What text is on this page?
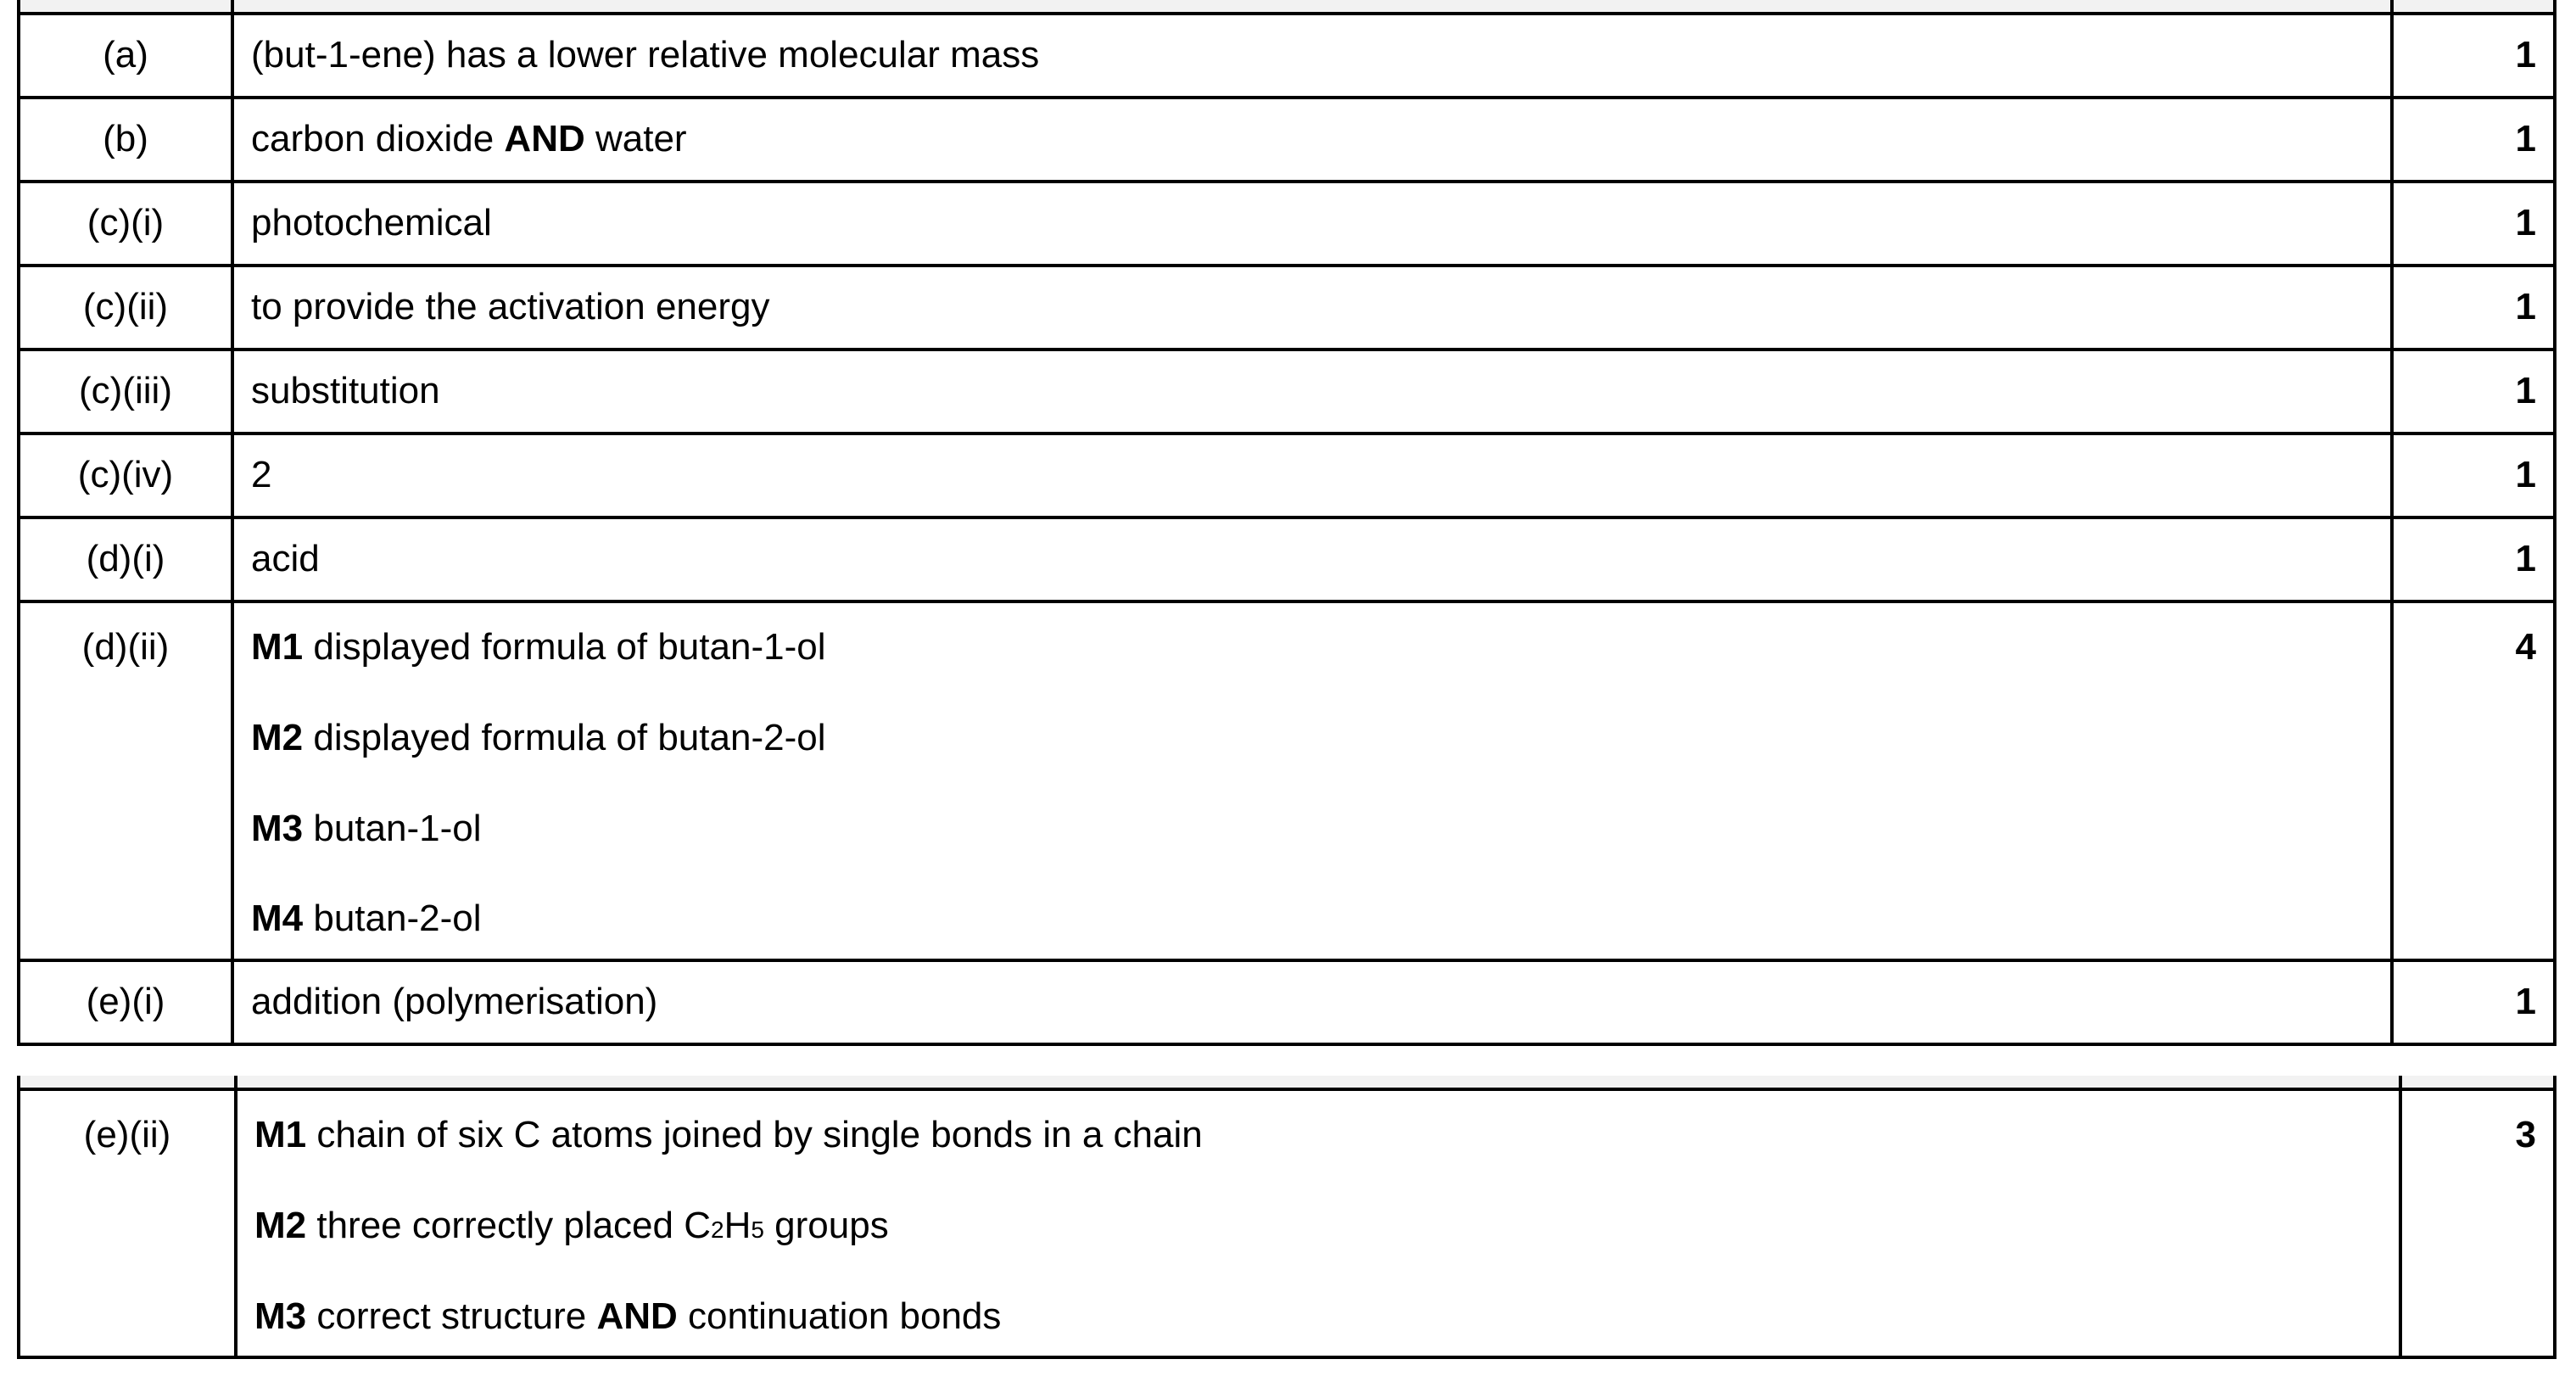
(a)	(but-1-ene) has a lower relative molecular mass	1
(b)	carbon dioxide AND water	1
(c)(i)	photochemical	1
(c)(ii)	to provide the activation energy	1
(c)(iii)	substitution	1
(c)(iv)	2	1
(d)(i)	acid	1
(d)(ii)	M1 displayed formula of butan-1-ol
M2 displayed formula of butan-2-ol
M3 butan-1-ol
M4 butan-2-ol	4
(e)(i)	addition (polymerisation)	1

(e)(ii)	M1 chain of six C atoms joined by single bonds in a chain
M2 three correctly placed C2H5 groups
M3 correct structure AND continuation bonds	3
